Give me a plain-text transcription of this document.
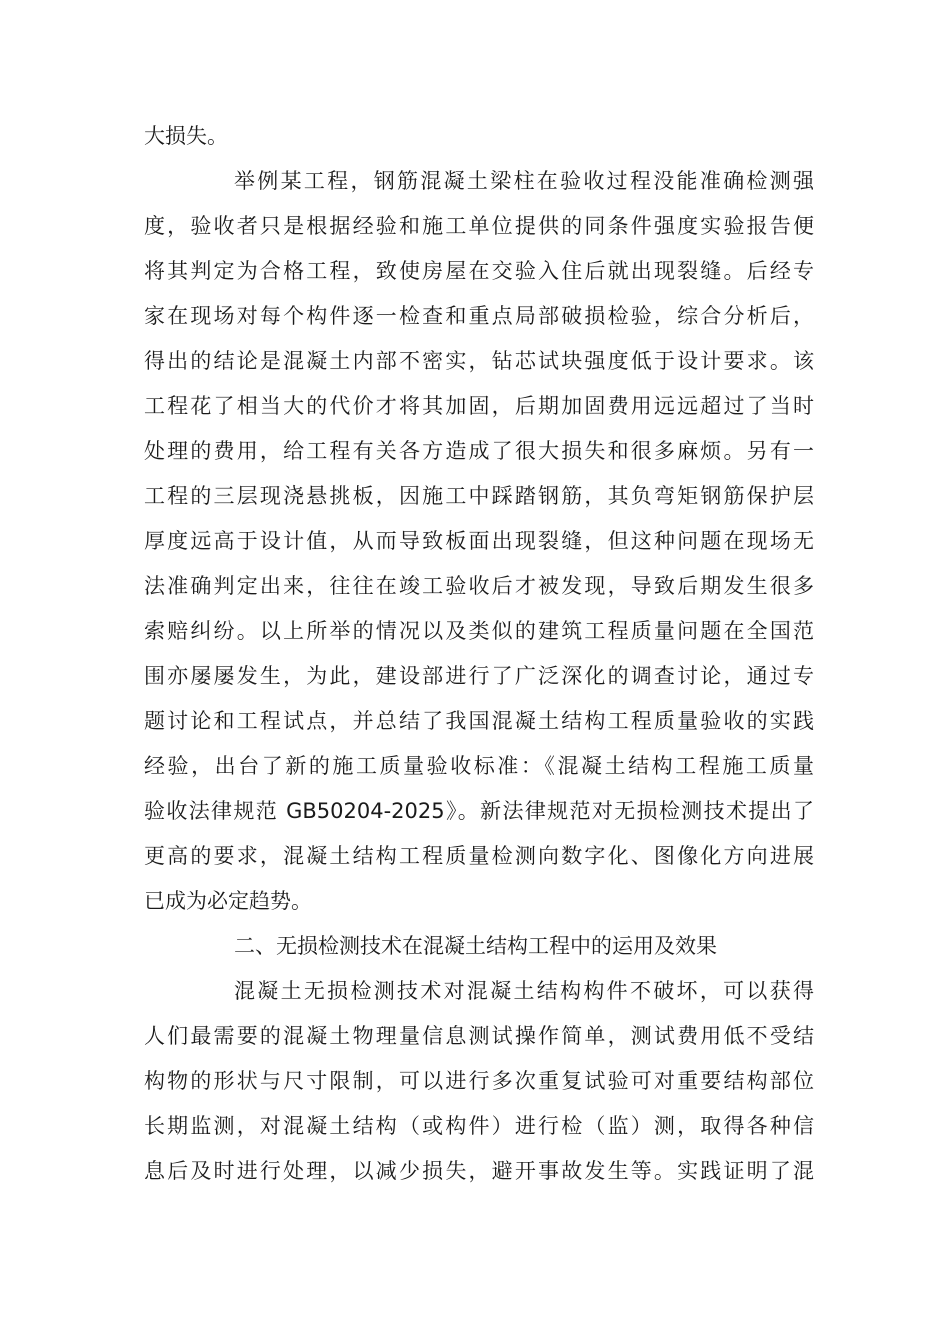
大损失。
举例某工程，钢筋混凝土梁柱在验收过程没能准确检测强
度，验收者只是根据经验和施工单位提供的同条件强度实验报告便
将其判定为合格工程，致使房屋在交验入住后就出现裂缝。后经专
家在现场对每个构件逐一检查和重点局部破损检验，综合分析后，
得出的结论是混凝土内部不密实，钻芯试块强度低于设计要求。该
工程花了相当大的代价才将其加固，后期加固费用远远超过了当时
处理的费用，给工程有关各方造成了很大损失和很多麻烦。另有一
工程的三层现浇悬挑板，因施工中踩踏钢筋，其负弯矩钢筋保护层
厚度远高于设计值，从而导致板面出现裂缝，但这种问题在现场无
法准确判定出来，往往在竣工验收后才被发现，导致后期发生很多
索赔纠纷。以上所举的情况以及类似的建筑工程质量问题在全国范
围亦屡屡发生，为此，建设部进行了广泛深化的调查讨论，通过专
题讨论和工程试点，并总结了我国混凝土结构工程质量验收的实践
经验，出台了新的施工质量验收标准：《混凝土结构工程施工质量
验收法律规范 GB50204-2025》。新法律规范对无损检测技术提出了
更高的要求，混凝土结构工程质量检测向数字化、图像化方向进展
已成为必定趋势。
二、无损检测技术在混凝土结构工程中的运用及效果
混凝土无损检测技术对混凝土结构构件不破坏，可以获得
人们最需要的混凝土物理量信息测试操作简单，测试费用低不受结
构物的形状与尺寸限制，可以进行多次重复试验可对重要结构部位
长期监测，对混凝土结构（或构件）进行检（监）测，取得各种信
息后及时进行处理，以减少损失，避开事故发生等。实践证明了混
